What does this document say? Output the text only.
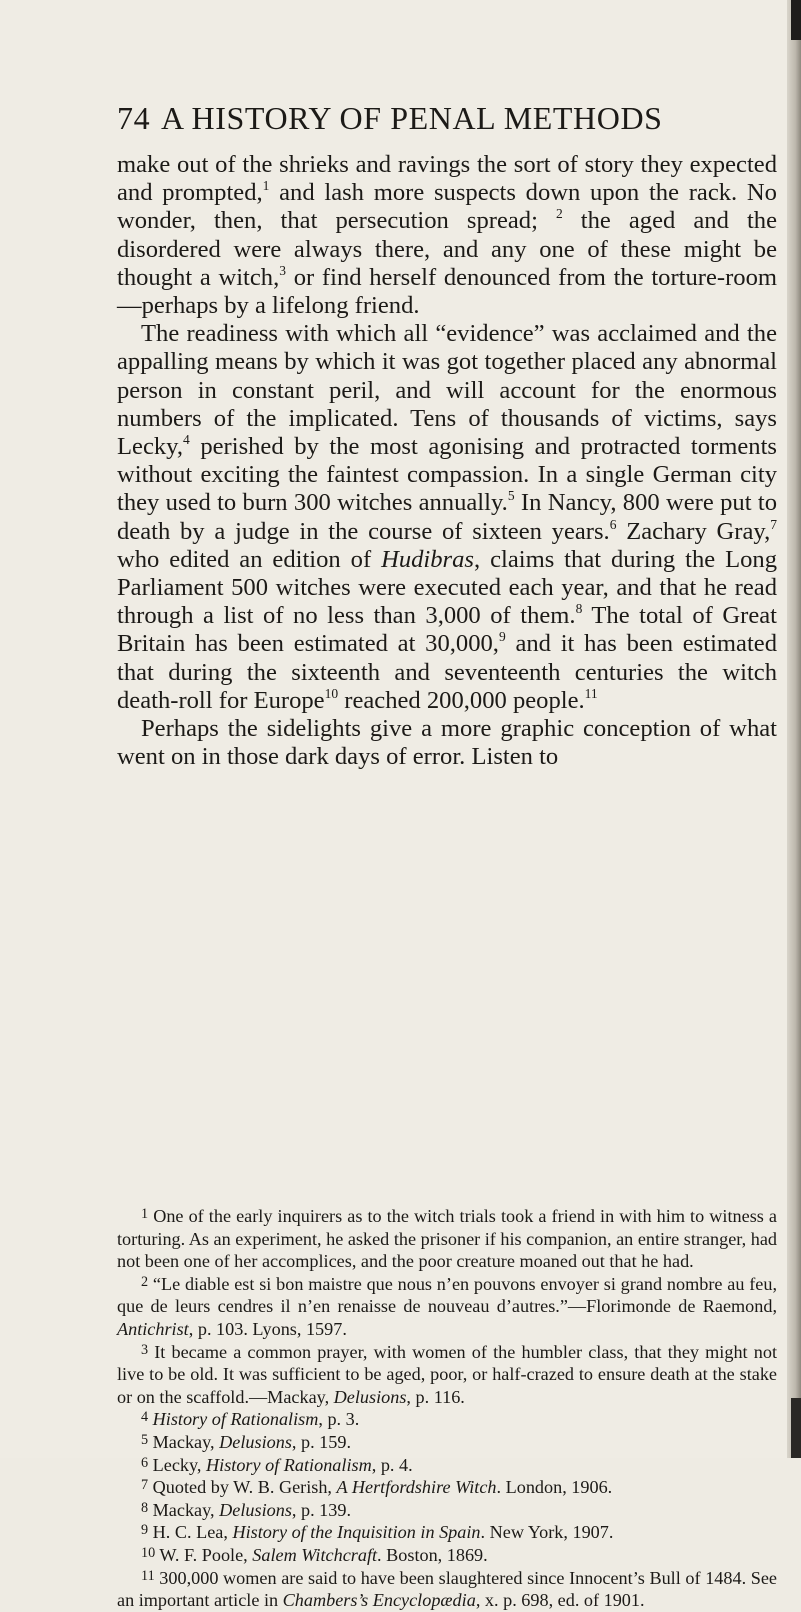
74 A HISTORY OF PENAL METHODS

make out of the shrieks and ravings the sort of story they expected and prompted,$^1$ and lash more suspects down upon the rack. No wonder, then, that persecution spread; $^2$ the aged and the disordered were always there, and any one of these might be thought a witch,$^3$ or find herself denounced from the torture-room—perhaps by a lifelong friend.

The readiness with which all “evidence” was acclaimed and the appalling means by which it was got together placed any abnormal person in constant peril, and will account for the enormous numbers of the implicated. Tens of thousands of victims, says Lecky,$^4$ perished by the most agonising and protracted torments without exciting the faintest compassion. In a single German city they used to burn 300 witches annually.$^5$ In Nancy, 800 were put to death by a judge in the course of sixteen years.$^6$ Zachary Gray,$^7$ who edited an edition of Hudibras, claims that during the Long Parliament 500 witches were executed each year, and that he read through a list of no less than 3,000 of them.$^8$ The total of Great Britain has been estimated at 30,000,$^9$ and it has been estimated that during the sixteenth and seventeenth centuries the witch death-roll for Europe$^{10}$ reached 200,000 people.$^{11}$

Perhaps the sidelights give a more graphic conception of what went on in those dark days of error. Listen to

$^1$ One of the early inquirers as to the witch trials took a friend in with him to witness a torturing. As an experiment, he asked the prisoner if his companion, an entire stranger, had not been one of her accomplices, and the poor creature moaned out that he had.

$^2$ “Le diable est si bon maistre que nous n’en pouvons envoyer si grand nombre au feu, que de leurs cendres il n’en renaisse de nouveau d’autres.”—Florimonde de Raemond, Antichrist, p. 103. Lyons, 1597.

$^3$ It became a common prayer, with women of the humbler class, that they might not live to be old. It was sufficient to be aged, poor, or half-crazed to ensure death at the stake or on the scaffold.—Mackay, Delusions, p. 116.

$^4$ History of Rationalism, p. 3.

$^5$ Mackay, Delusions, p. 159.

$^6$ Lecky, History of Rationalism, p. 4.

$^7$ Quoted by W. B. Gerish, A Hertfordshire Witch. London, 1906.

$^8$ Mackay, Delusions, p. 139.

$^9$ H. C. Lea, History of the Inquisition in Spain. New York, 1907.

$^{10}$ W. F. Poole, Salem Witchcraft. Boston, 1869.

$^{11}$ 300,000 women are said to have been slaughtered since Innocent’s Bull of 1484. See an important article in Chambers’s Encyclopædia, x. p. 698, ed. of 1901.
